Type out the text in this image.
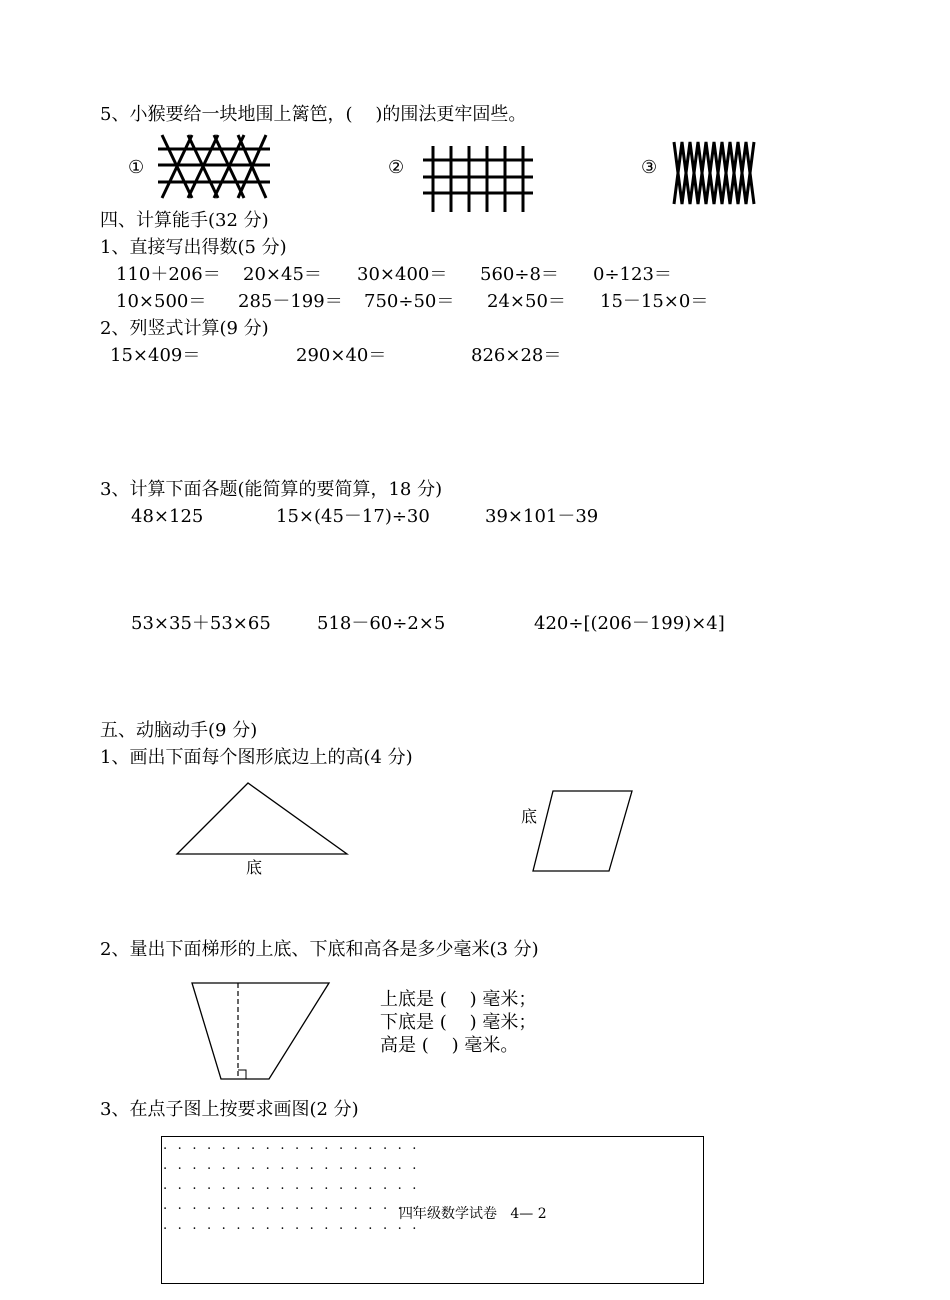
5、小猴要给一块地围上篱笆，(    )的围法更牢固些。
①	②	③
四、计算能手(32 分)
1、直接写出得数(5 分)
110＋206＝ 20×45＝ 30×400＝ 560÷8＝ 0÷123＝
10×500＝ 285－199＝ 750÷50＝ 24×50＝ 15－15×0＝
2、列竖式计算(9 分)
15×409＝	290×40＝	826×28＝
3、计算下面各题(能简算的要简算，18 分)
48×125	15×(45－17)÷30	39×101－39
53×35＋53×65	518－60÷2×5	420÷[(206－199)×4]
五、动脑动手(9 分)
1、画出下面每个图形底边上的高(4 分)
底
底
2、量出下面梯形的上底、下底和高各是多少毫米(3 分)
上底是 (    ) 毫米；
下底是 (    ) 毫米；
高是 (    ) 毫米。
3、在点子图上按要求画图(2 分)
. . . . . . . . . . . . . . . . . .
. . . . . . . . . . . . . . . . . .
. . . . . . . . . . . . . . . . . .
. . . . . . . . . . . . . . . . . .
. . . . . . . . . . . . . . . . . .
四年级数学试卷   4— 2
